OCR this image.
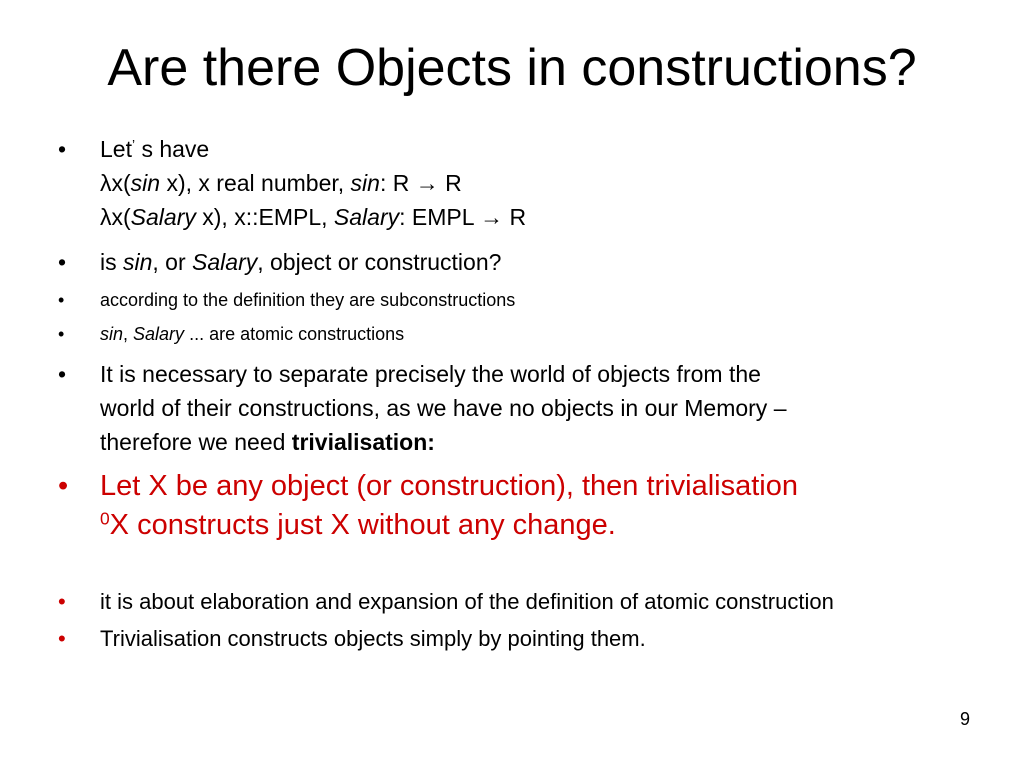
Are there Objects in constructions?
• Let’ s have
λx(sin x), x real number, sin: R → R
λx(Salary x), x::EMPL, Salary: EMPL → R
• is sin, or Salary, object or construction?
• according to the definition they are subconstructions
• sin, Salary ... are atomic constructions
• It is necessary to separate precisely the world of objects from the
world of their constructions, as we have no objects in our Memory –
therefore we need trivialisation:
• Let X be any object (or construction), then trivialisation
$^0$X constructs just X without any change.
• it is about elaboration and expansion of the definition of atomic construction
• Trivialisation constructs objects simply by pointing them.
9
